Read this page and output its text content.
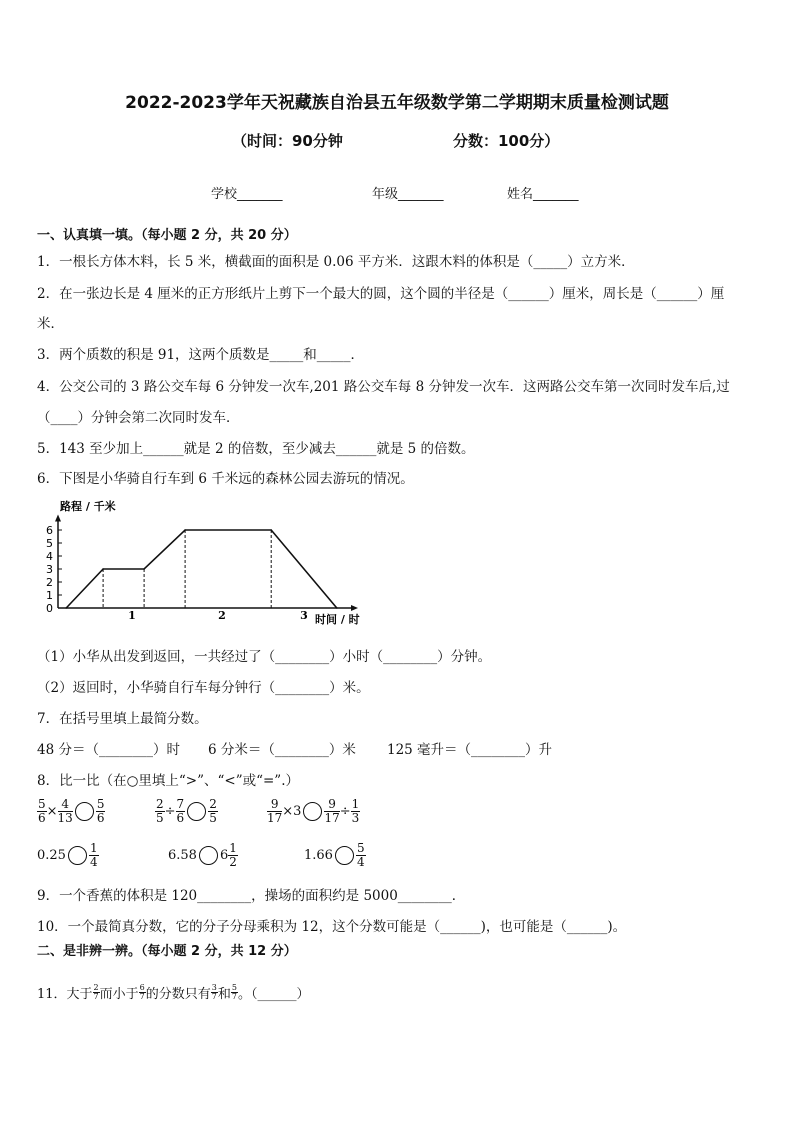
2022-2023学年天祝藏族自治县五年级数学第二学期期末质量检测试题
（时间：90分钟	分数：100分）
学校_______	年级_______	姓名_______
一、认真填一填。（每小题 2 分，共 20 分）
1．一根长方体木料，长 5 米，横截面的面积是 0.06 平方米．这跟木料的体积是（_____）立方米．
2．在一张边长是 4 厘米的正方形纸片上剪下一个最大的圆，这个圆的半径是（______）厘米，周长是（______）厘
米．
3．两个质数的积是 91，这两个质数是_____和_____．
4．公交公司的 3 路公交车每 6 分钟发一次车,201 路公交车每 8 分钟发一次车．这两路公交车第一次同时发车后,过
（____）分钟会第二次同时发车．
5．143 至少加上______就是 2 的倍数，至少减去______就是 5 的倍数。
6．下图是小华骑自行车到 6 千米远的森林公园去游玩的情况。
0
1
2
3
4
5
6
1	2	3
路程 / 千米
时间 / 时
（1）小华从出发到返回，一共经过了（________）小时（________）分钟。
（2）返回时，小华骑自行车每分钟行（________）米。
7．在括号里填上最简分数。
48 分＝（________）时 6 分米＝（________）米 125 毫升＝（________）升
8．比一比（在○里填上“>”、“<”或“=”.）
$\frac{5}{6} \times \frac{4}{13} \frac{5}{6}$	$\frac{2}{5} \div \frac{7}{6} \frac{2}{5}$	$\frac{9}{17} \times 3 \frac{9}{17} \div \frac{1}{3}$
$0.25 \frac{1}{4}$	6.58 $6 \frac{1}{2}$	$1.66 \frac{5}{4}$
9．一个香蕉的体积是 120________，操场的面积约是 5000________．
10．一个最简真分数，它的分子分母乘积为 12，这个分数可能是（______)，也可能是（______)。
二、是非辨一辨。（每小题 2 分，共 12 分）
11．大于 $\frac{2}{7}$ 而小于 $\frac{6}{7}$ 的分数只有 $\frac{3}{7}$ 和 $\frac{5}{7}$ 。（______）
